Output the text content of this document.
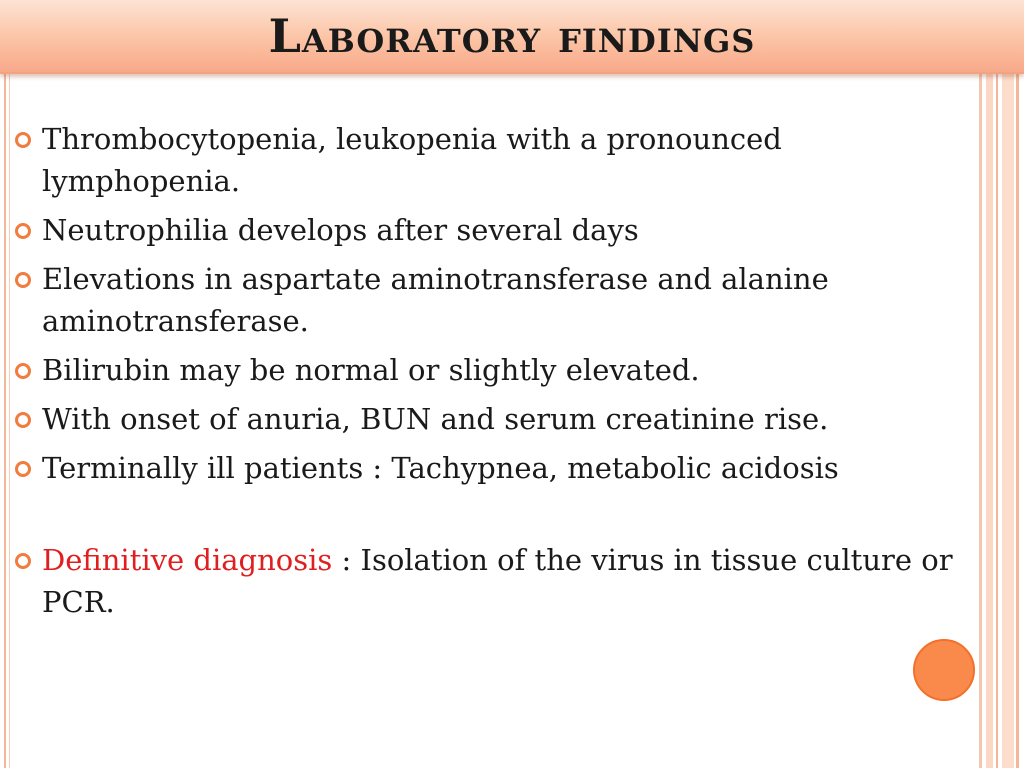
Laboratory findings
Thrombocytopenia, leukopenia with a pronounced lymphopenia.
Neutrophilia develops after several days
Elevations in aspartate aminotransferase and alanine aminotransferase.
Bilirubin may be normal or slightly elevated.
With onset of anuria, BUN and serum creatinine rise.
Terminally ill patients : Tachypnea, metabolic acidosis
Definitive diagnosis : Isolation of the virus in tissue culture or PCR.
